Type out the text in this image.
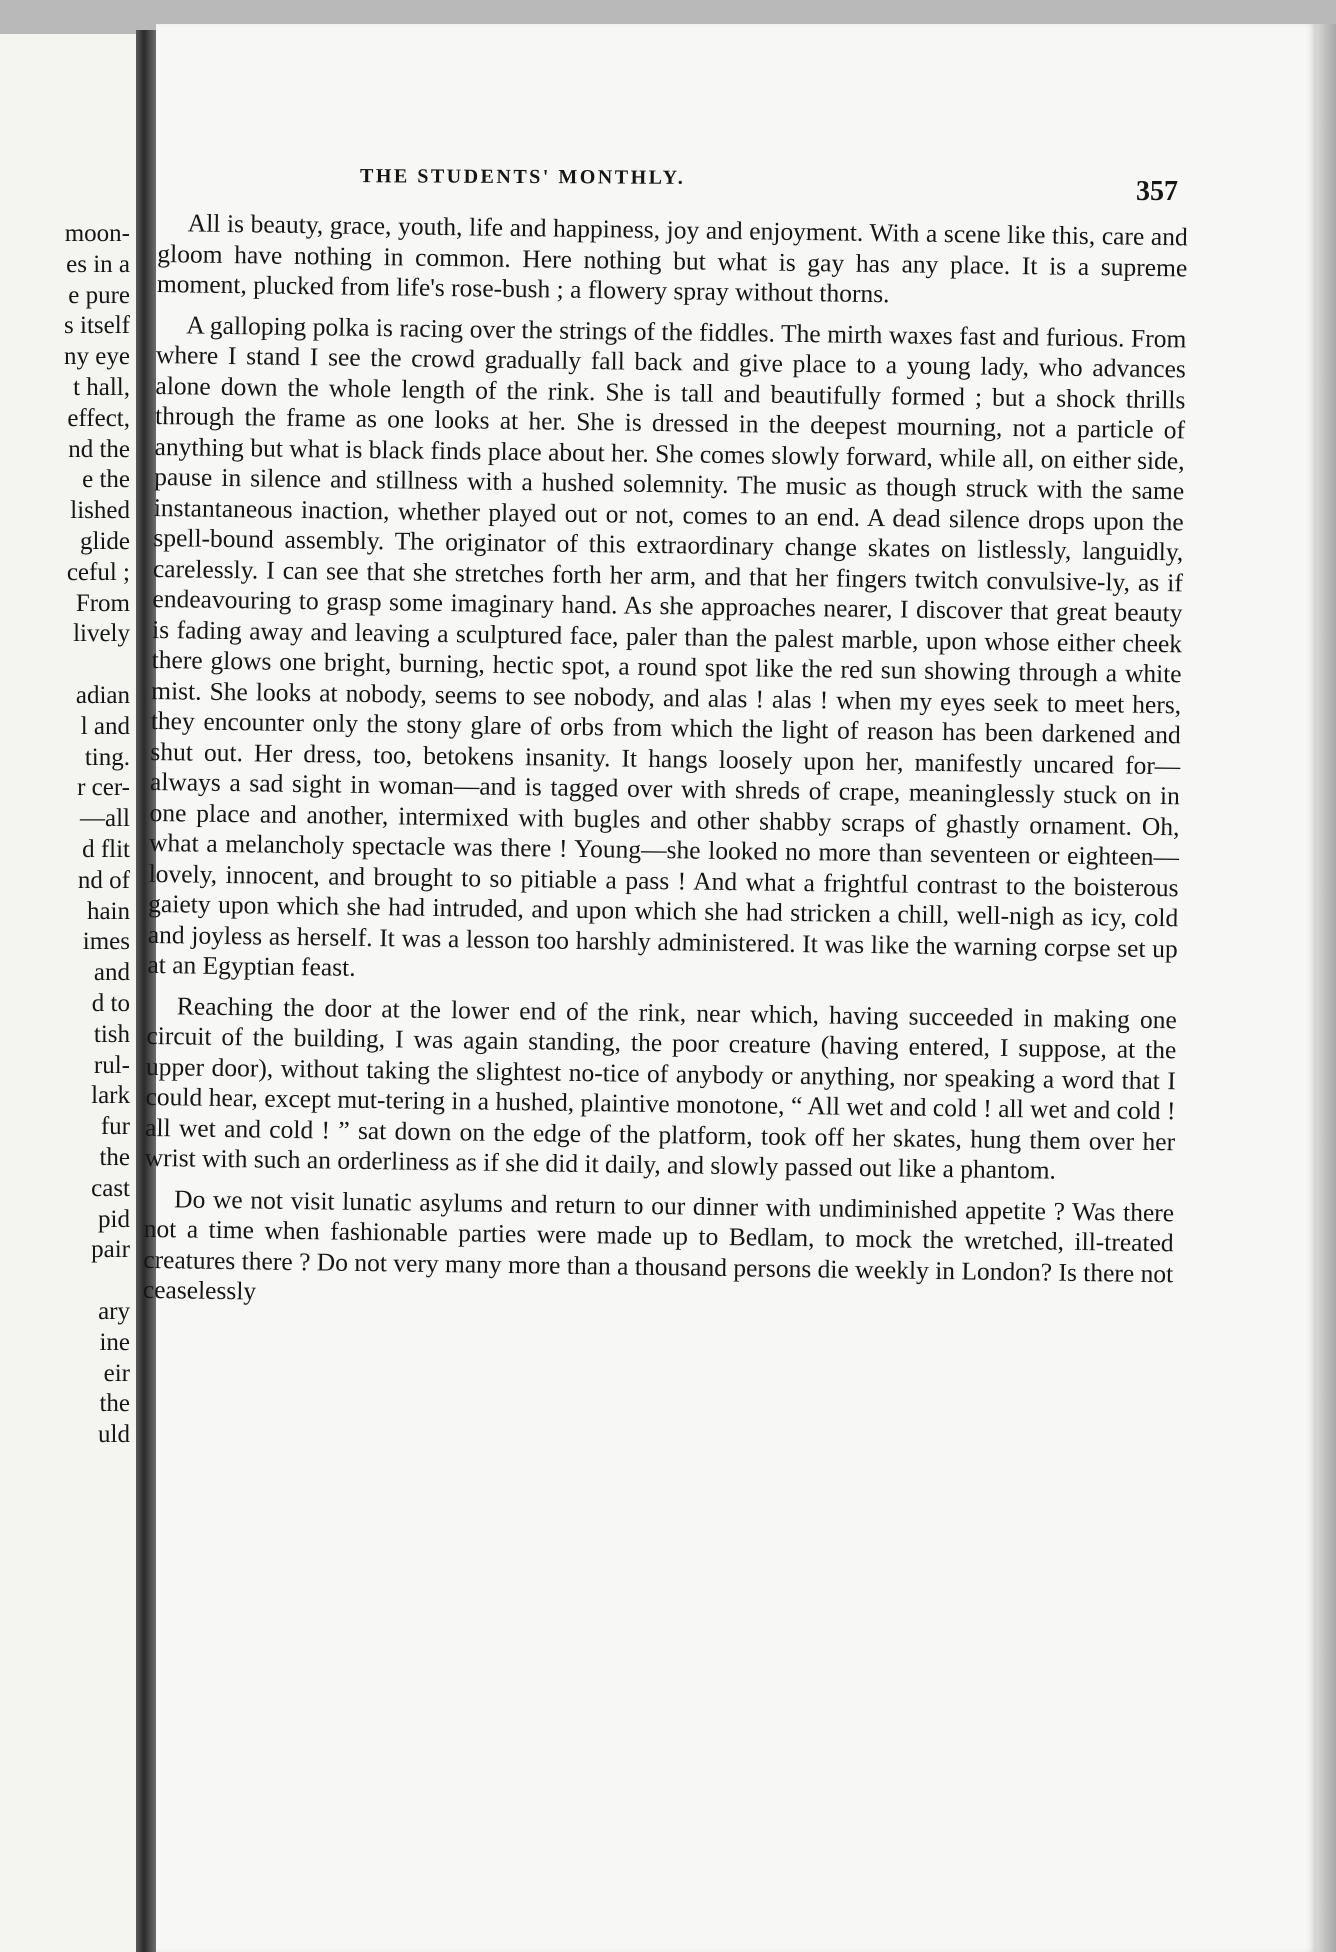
moon-
es in a
e pure
s itself
ny eye
t hall,
effect,
nd the
e the
lished
glide
ceful ;
From
lively
adian
l and
ting.
r cer-
—all
d flit
nd of
hain
imes
and
d to
tish
rul-
lark
fur
the
cast
pid
pair
ary
ine
eir
the
uld
THE STUDENTS' MONTHLY.	357

All is beauty, grace, youth, life and happiness, joy and enjoyment. With a scene like this, care and gloom have nothing in common. Here nothing but what is gay has any place. It is a supreme moment, plucked from life's rose-bush ; a flowery spray without thorns.

A galloping polka is racing over the strings of the fiddles. The mirth waxes fast and furious. From where I stand I see the crowd gradually fall back and give place to a young lady, who advances alone down the whole length of the rink. She is tall and beautifully formed ; but a shock thrills through the frame as one looks at her. She is dressed in the deepest mourning, not a particle of anything but what is black finds place about her. She comes slowly forward, while all, on either side, pause in silence and stillness with a hushed solemnity. The music as though struck with the same instantaneous inaction, whether played out or not, comes to an end. A dead silence drops upon the spell-bound assembly. The originator of this extraordinary change skates on listlessly, languidly, carelessly. I can see that she stretches forth her arm, and that her fingers twitch convulsive-ly, as if endeavouring to grasp some imaginary hand. As she approaches nearer, I discover that great beauty is fading away and leaving a sculptured face, paler than the palest marble, upon whose either cheek there glows one bright, burning, hectic spot, a round spot like the red sun showing through a white mist. She looks at nobody, seems to see nobody, and alas ! alas ! when my eyes seek to meet hers, they encounter only the stony glare of orbs from which the light of reason has been darkened and shut out. Her dress, too, betokens insanity. It hangs loosely upon her, manifestly uncared for—always a sad sight in woman—and is tagged over with shreds of crape, meaninglessly stuck on in one place and another, intermixed with bugles and other shabby scraps of ghastly ornament. Oh, what a melancholy spectacle was there ! Young—she looked no more than seventeen or eighteen—lovely, innocent, and brought to so pitiable a pass ! And what a frightful contrast to the boisterous gaiety upon which she had intruded, and upon which she had stricken a chill, well-nigh as icy, cold and joyless as herself. It was a lesson too harshly administered. It was like the warning corpse set up at an Egyptian feast.

Reaching the door at the lower end of the rink, near which, having succeeded in making one circuit of the building, I was again standing, the poor creature (having entered, I suppose, at the upper door), without taking the slightest no-tice of anybody or anything, nor speaking a word that I could hear, except mut-tering in a hushed, plaintive monotone, “ All wet and cold ! all wet and cold ! all wet and cold ! ” sat down on the edge of the platform, took off her skates, hung them over her wrist with such an orderliness as if she did it daily, and slowly passed out like a phantom.

Do we not visit lunatic asylums and return to our dinner with undiminished appetite ? Was there not a time when fashionable parties were made up to Bedlam, to mock the wretched, ill-treated creatures there ? Do not very many more than a thousand persons die weekly in London? Is there not ceaselessly
